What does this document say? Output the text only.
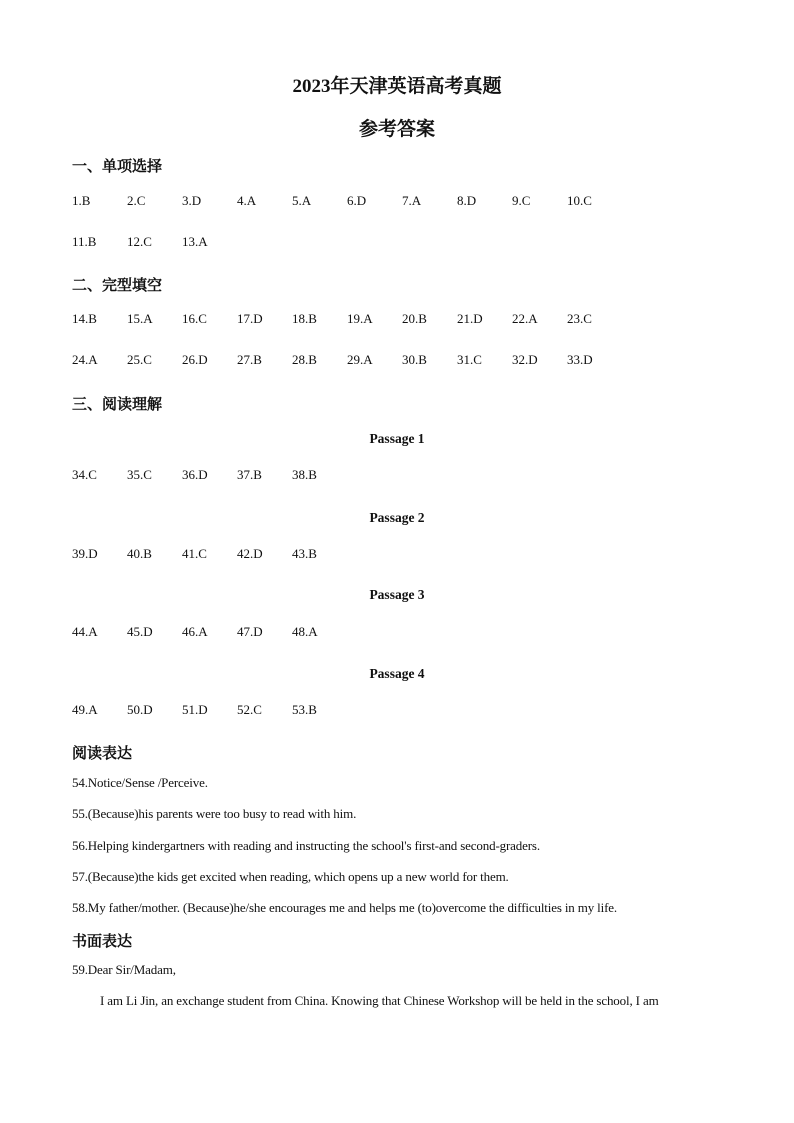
2023年天津英语高考真题
参考答案
一、单项选择
1.B	2.C	3.D	4.A	5.A	6.D	7.A	8.D	9.C	10.C
11.B 12.C 13.A
二、完型填空
14.B 15.A 16.C 17.D 18.B 19.A 20.B 21.D 22.A 23.C
24.A 25.C 26.D 27.B 28.B 29.A 30.B 31.C 32.D 33.D
三、阅读理解
Passage 1
34.C 35.C 36.D 37.B 38.B
Passage 2
39.D 40.B 41.C 42.D 43.B
Passage 3
44.A 45.D 46.A 47.D 48.A
Passage 4
49.A 50.D 51.D 52.C 53.B
阅读表达
54.Notice/Sense /Perceive.
55.(Because)his parents were too busy to read with him.
56.Helping kindergartners with reading and instructing the school's first-and second-graders.
57.(Because)the kids get excited when reading, which opens up a new world for them.
58.My father/mother. (Because)he/she encourages me and helps me (to)overcome the difficulties in my life.
书面表达
59.Dear Sir/Madam,
I am Li Jin, an exchange student from China. Knowing that Chinese Workshop will be held in the school, I am
